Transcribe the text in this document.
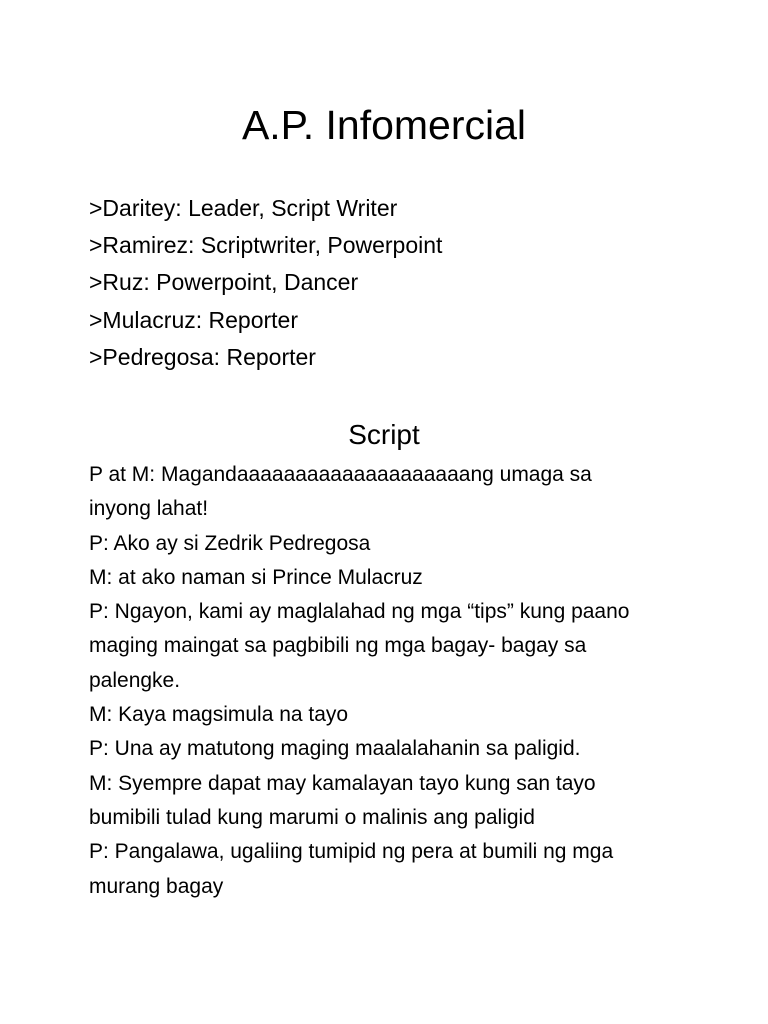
A.P. Infomercial
>Daritey: Leader, Script Writer
>Ramirez: Scriptwriter, Powerpoint
>Ruz: Powerpoint, Dancer
>Mulacruz: Reporter
>Pedregosa: Reporter
Script
P at M: Magandaaaaaaaaaaaaaaaaaaaang umaga sa
inyong lahat!
P: Ako ay si Zedrik Pedregosa
M: at ako naman si Prince Mulacruz
P: Ngayon, kami ay maglalahad ng mga “tips” kung paano
maging maingat sa pagbibili ng mga bagay- bagay sa
palengke.
M: Kaya magsimula na tayo
P: Una ay matutong maging maalalahanin sa paligid.
M: Syempre dapat may kamalayan tayo kung san tayo
bumibili tulad kung marumi o malinis ang paligid
P: Pangalawa, ugaliing tumipid ng pera at bumili ng mga
murang bagay
